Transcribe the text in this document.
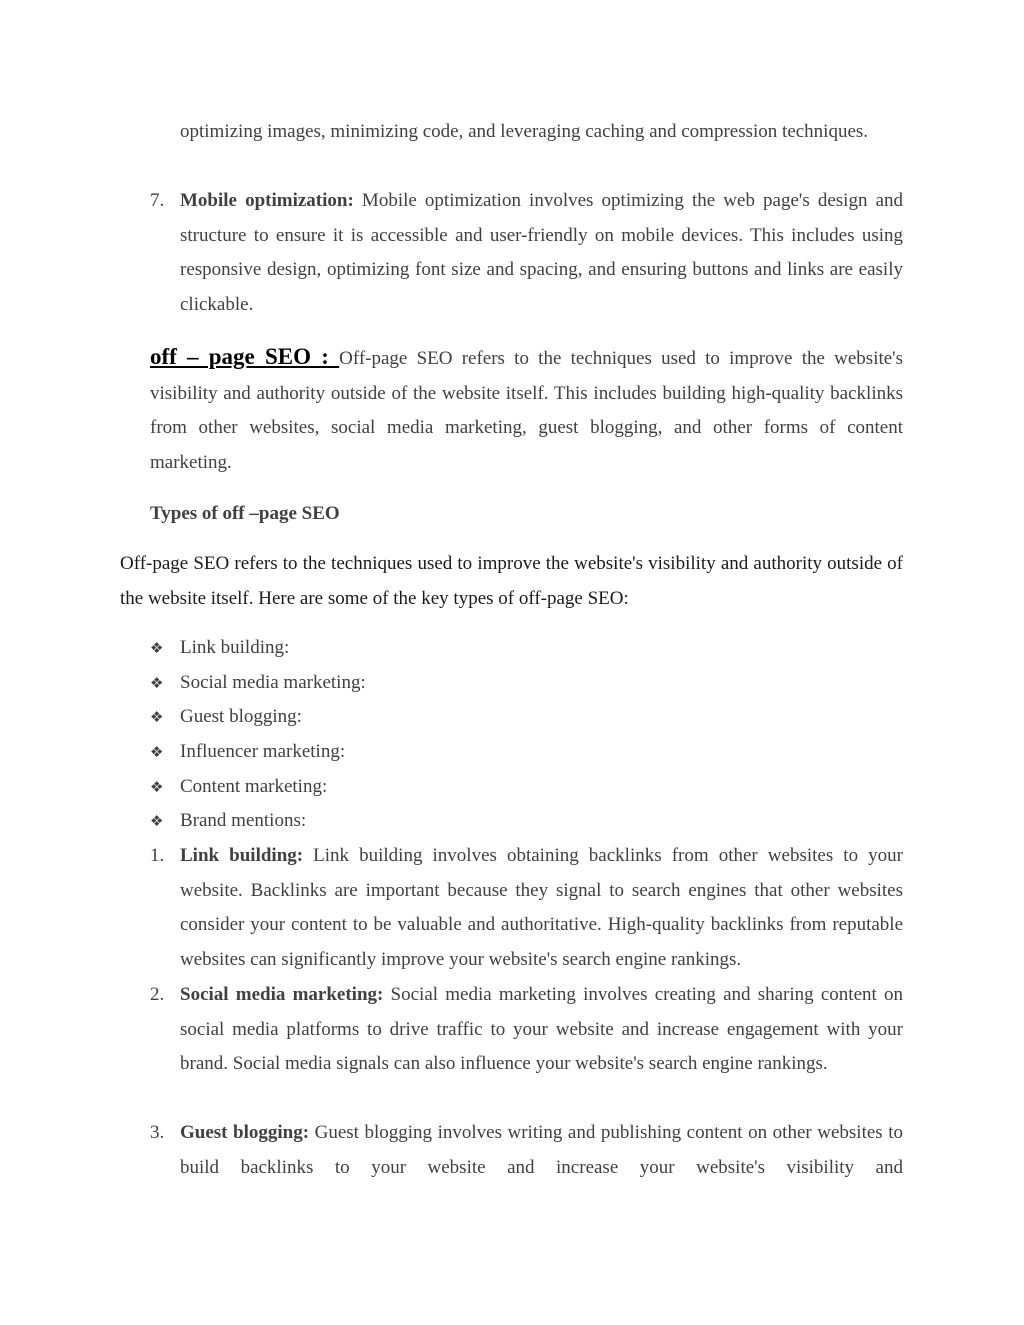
optimizing images, minimizing code, and leveraging caching and compression techniques.
7. Mobile optimization: Mobile optimization involves optimizing the web page's design and structure to ensure it is accessible and user-friendly on mobile devices. This includes using responsive design, optimizing font size and spacing, and ensuring buttons and links are easily clickable.
off – page SEO : Off-page SEO refers to the techniques used to improve the website's visibility and authority outside of the website itself. This includes building high-quality backlinks from other websites, social media marketing, guest blogging, and other forms of content marketing.
Types of off –page SEO
Off-page SEO refers to the techniques used to improve the website's visibility and authority outside of the website itself. Here are some of the key types of off-page SEO:
❖ Link building:
❖ Social media marketing:
❖ Guest blogging:
❖ Influencer marketing:
❖ Content marketing:
❖ Brand mentions:
1. Link building: Link building involves obtaining backlinks from other websites to your website. Backlinks are important because they signal to search engines that other websites consider your content to be valuable and authoritative. High-quality backlinks from reputable websites can significantly improve your website's search engine rankings.
2. Social media marketing: Social media marketing involves creating and sharing content on social media platforms to drive traffic to your website and increase engagement with your brand. Social media signals can also influence your website's search engine rankings.
3. Guest blogging: Guest blogging involves writing and publishing content on other websites to build backlinks to your website and increase your website's visibility and
